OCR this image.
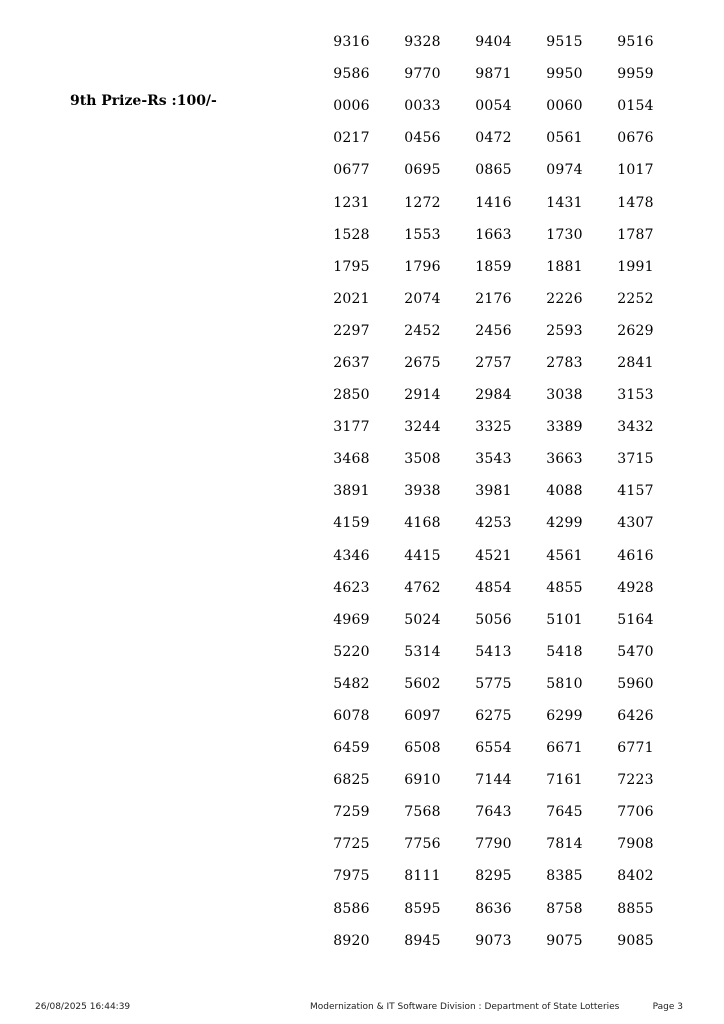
9th Prize-Rs :100/-
9316	9328	9404	9515	9516
9586	9770	9871	9950	9959
0006	0033	0054	0060	0154
0217	0456	0472	0561	0676
0677	0695	0865	0974	1017
1231	1272	1416	1431	1478
1528	1553	1663	1730	1787
1795	1796	1859	1881	1991
2021	2074	2176	2226	2252
2297	2452	2456	2593	2629
2637	2675	2757	2783	2841
2850	2914	2984	3038	3153
3177	3244	3325	3389	3432
3468	3508	3543	3663	3715
3891	3938	3981	4088	4157
4159	4168	4253	4299	4307
4346	4415	4521	4561	4616
4623	4762	4854	4855	4928
4969	5024	5056	5101	5164
5220	5314	5413	5418	5470
5482	5602	5775	5810	5960
6078	6097	6275	6299	6426
6459	6508	6554	6671	6771
6825	6910	7144	7161	7223
7259	7568	7643	7645	7706
7725	7756	7790	7814	7908
7975	8111	8295	8385	8402
8586	8595	8636	8758	8855
8920	8945	9073	9075	9085
26/08/2025 16:44:39	Modernization & IT Software Division : Department of State Lotteries	Page 3
